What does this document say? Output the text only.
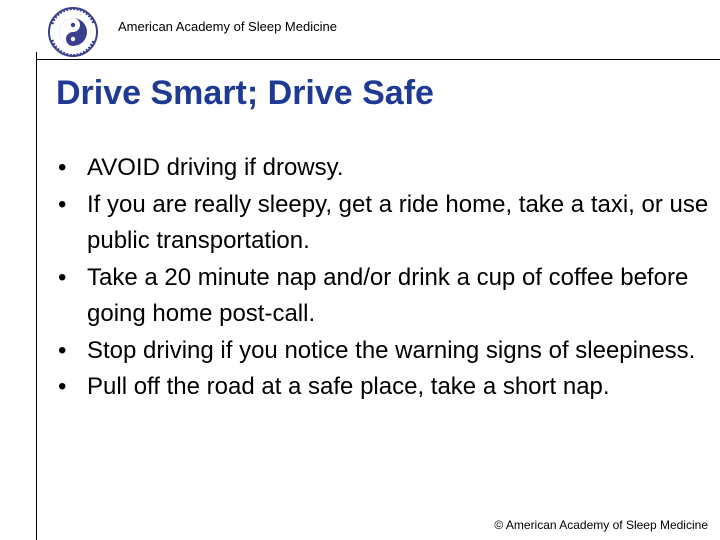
American Academy of Sleep Medicine
Drive Smart; Drive Safe
• AVOID driving if drowsy.
• If you are really sleepy, get a ride home, take a taxi, or use public transportation.
• Take a 20 minute nap and/or drink a cup of coffee before going home post-call.
• Stop driving if you notice the warning signs of sleepiness.
• Pull off the road at a safe place, take a short nap.
© American Academy of Sleep Medicine
